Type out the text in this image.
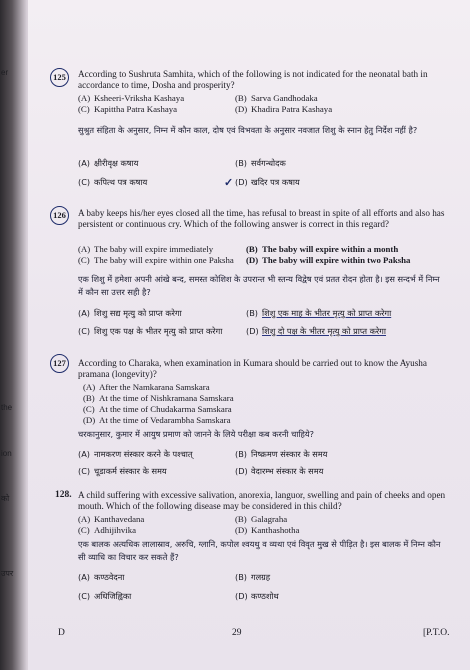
er
the
ion
को
उपर
125	According to Sushruta Samhita, which of the following is not indicated for the neonatal bath in accordance to time, Dosha and prosperity?
(A) Ksheeri-Vriksha Kashaya	(B) Sarva Gandhodaka
(C) Kapittha Patra Kashaya	(D) Khadira Patra Kashaya
सुश्रुत संहिता के अनुसार, निम्न में कौन काल, दोष एवं विभवता के अनुसार नवजात शिशु के स्नान हेतु निर्देश नहीं है?
(A) क्षीरीवृक्ष कषाय	(B) सर्वगन्धोदक
(C) कपित्थ पत्र कषाय	✓ (D) खदिर पत्र कषाय
126	A baby keeps his/her eyes closed all the time, has refusal to breast in spite of all efforts and also has persistent or continuous cry. Which of the following answer is correct in this regard?
(A) The baby will expire immediately	(B) The baby will expire within a month
(C) The baby will expire within one Paksha (D) The baby will expire within two Paksha
एक शिशु में हमेशा अपनी आंखे बन्द, समस्त कोशिश के उपरान्त भी स्तन्य विद्वेष एवं प्रतत रोदन होता है। इस सन्दर्भ में निम्न में कौन सा उत्तर सही है?
(A) शिशु सद्य मृत्यु को प्राप्त करेगा	(B) शिशु एक माह के भीतर मृत्यु को प्राप्त करेगा
(C) शिशु एक पक्ष के भीतर मृत्यु को प्राप्त करेगा	(D) शिशु दो पक्ष के भीतर मृत्यु को प्राप्त करेगा
127	According to Charaka, when examination in Kumara should be carried out to know the Ayusha pramana (longevity)?
(A) After the Namkarana Samskara
(B) At the time of Nishkramana Samskara
(C) At the time of Chudakarma Samskara
(D) At the time of Vedarambha Samskara
चरकानुसार, कुमार में आयुष प्रमाण को जानने के लिये परीक्षा कब करनी चाहिये?
(A) नामकरण संस्कार करने के पश्चात्	(B) निष्क्रमण संस्कार के समय
(C) चूडाकर्म संस्कार के समय	(D) वेदारम्भ संस्कार के समय
128. A child suffering with excessive salivation, anorexia, languor, swelling and pain of cheeks and open mouth. Which of the following disease may be considered in this child?
(A) Kanthavedana	(B) Galagraha
(C) Adhijihvika	(D) Kanthashotha
एक बालक अत्यधिक लालास्राव, अरुचि, ग्लानि, कपोल श्वयथु व व्यथा एवं विवृत मुख से पीड़ित है। इस बालक में निम्न कौन सी व्याधि का विचार कर सकते हैं?
(A) कण्ठवेदना	(B) गलग्रह
(C) अधिजिह्विका	(D) कण्ठशोथ
D	29	[P.T.O.
